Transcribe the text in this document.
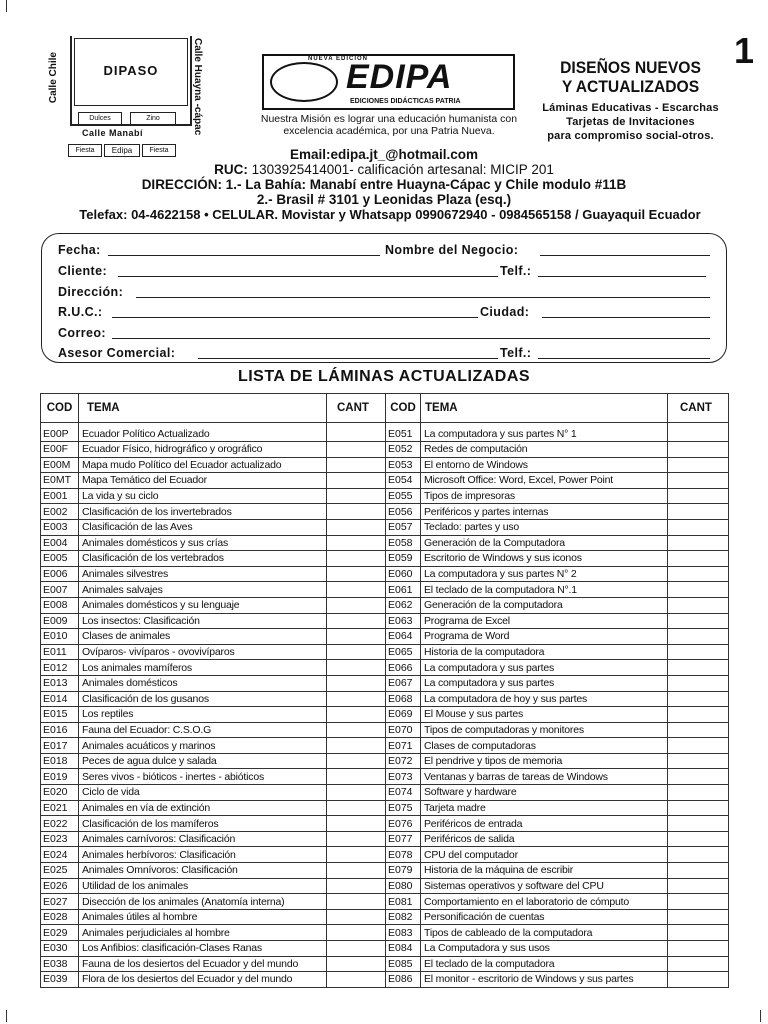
1
Calle Chile	Calle Huayna -cápac
DIPASO
Dulces	Zino
Calle Manabí
Fiesta	Edipa	Fiesta
NUEVA EDICIÓN
EDIPA
EDICIONES DIDÁCTICAS PATRIA
Nuestra Misión es lograr una educación humanista con excelencia académica, por una Patria Nueva.
DISEÑOS NUEVOS
Y ACTUALIZADOS
Láminas Educativas - Escarchas
Tarjetas de Invitaciones
para compromiso social-otros.
Email:edipa.jt_@hotmail.com
RUC: 1303925414001- calificación artesanal: MICIP 201
DIRECCIÓN: 1.- La Bahía: Manabí entre Huayna-Cápac y Chile modulo #11B
2.- Brasil # 3101 y Leonidas Plaza (esq.)
Telefax: 04-4622158 • CELULAR. Movistar y Whatsapp 0990672940 - 0984565158 / Guayaquil Ecuador
Fecha:	Nombre del Negocio:
Cliente:	Telf.:
Dirección:
R.U.C.:	Ciudad:
Correo:
Asesor Comercial:	Telf.:
LISTA DE LÁMINAS ACTUALIZADAS
COD	TEMA	CANT	COD	TEMA	CANT
E00P	Ecuador Político Actualizado		E051	La computadora y sus partes N° 1	
E00F	Ecuador Físico, hidrográfico y orográfico		E052	Redes de computación	
E00M	Mapa mudo Político del Ecuador actualizado		E053	El entorno de Windows	
E0MT	Mapa Temático del Ecuador		E054	Microsoft Office: Word, Excel, Power Point	
E001	La vida y su ciclo		E055	Tipos de impresoras	
E002	Clasificación de los invertebrados		E056	Periféricos y partes internas	
E003	Clasificación de las Aves		E057	Teclado: partes y uso	
E004	Animales domésticos y sus crías		E058	Generación de la Computadora	
E005	Clasificación de los vertebrados		E059	Escritorio de Windows y sus iconos	
E006	Animales silvestres		E060	La computadora y sus partes N° 2	
E007	Animales salvajes		E061	El teclado de la computadora N°.1	
E008	Animales domésticos y su lenguaje		E062	Generación de la computadora	
E009	Los insectos: Clasificación		E063	Programa de Excel	
E010	Clases de animales		E064	Programa de Word	
E011	Ovíparos- vivíparos - ovovivíparos		E065	Historia de la computadora	
E012	Los animales mamíferos		E066	La computadora y sus partes	
E013	Animales domésticos		E067	La computadora y sus partes	
E014	Clasificación de los gusanos		E068	La computadora de hoy y sus partes	
E015	Los reptiles		E069	El Mouse y sus partes	
E016	Fauna del Ecuador: C.S.O.G		E070	Tipos de computadoras y monitores	
E017	Animales acuáticos y marinos		E071	Clases de computadoras	
E018	Peces de agua dulce y salada		E072	El pendrive y tipos de memoria	
E019	Seres vivos - bióticos - inertes - abióticos		E073	Ventanas y barras de tareas de Windows	
E020	Ciclo de vida		E074	Software y hardware	
E021	Animales en vía de extinción		E075	Tarjeta madre	
E022	Clasificación de los mamíferos		E076	Periféricos de entrada	
E023	Animales carnívoros: Clasificación		E077	Periféricos de salida	
E024	Animales herbívoros: Clasificación		E078	CPU del computador	
E025	Animales Omnívoros: Clasificación		E079	Historia de la máquina de escribir	
E026	Utilidad de los animales		E080	Sistemas operativos y software del CPU	
E027	Disección de los animales (Anatomía interna)		E081	Comportamiento en el laboratorio de cómputo	
E028	Animales útiles al hombre		E082	Personificación de cuentas	
E029	Animales perjudiciales al hombre		E083	Tipos de cableado de la computadora	
E030	Los Anfibios: clasificación-Clases Ranas		E084	La Computadora y sus usos	
E038	Fauna de los desiertos del Ecuador y del mundo		E085	El teclado de la computadora	
E039	Flora de los desiertos del Ecuador y del mundo		E086	El monitor - escritorio de Windows y sus partes	
